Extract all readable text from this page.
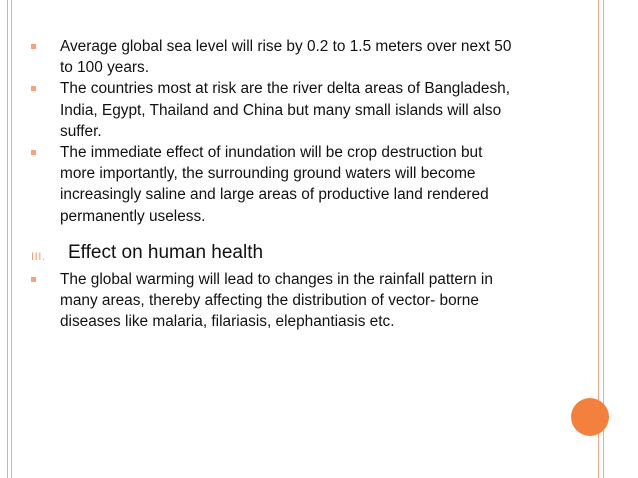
Average global sea level will rise by 0.2 to 1.5 meters over next 50
to 100 years.
The countries most at risk are the river delta areas of Bangladesh,
India, Egypt, Thailand and China but many small islands will also
suffer.
The immediate effect of inundation will be crop destruction but
more importantly, the surrounding ground waters will become
increasingly saline and large areas of productive land rendered
permanently useless.
III. Effect on human health
The global warming will lead to changes in the rainfall pattern in
many areas, thereby affecting the distribution of vector- borne
diseases like malaria, filariasis, elephantiasis etc.
